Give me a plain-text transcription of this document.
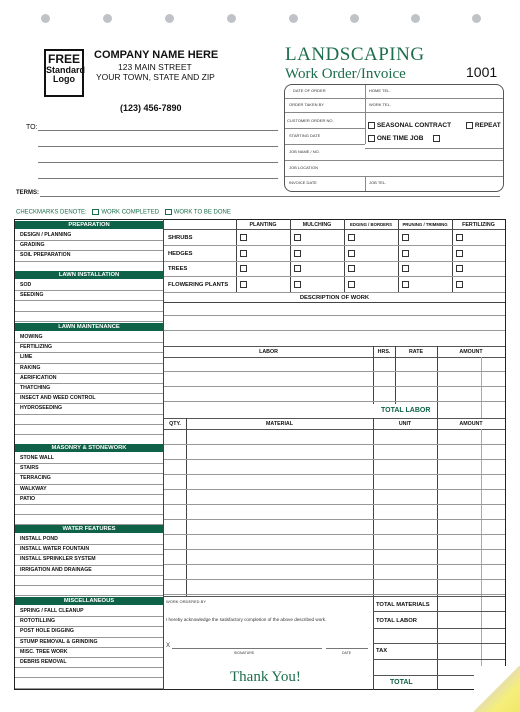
FREE
Standard
Logo
COMPANY NAME HERE
123 MAIN STREET
YOUR TOWN, STATE AND ZIP
(123) 456-7890
TO:
TERMS:
LANDSCAPING
Work Order/Invoice	1001
DATE OF ORDER	HOME TEL.
ORDER TAKEN BY	WORK TEL.
CUSTOMER ORDER NO.
STARTING DATE
JOB NAME / NO.
JOB LOCATION
INVOICE DATE	JOB TEL.
SEASONAL CONTRACT	REPEAT
ONE TIME JOB
CHECKMARKS DENOTE: WORK COMPLETED WORK TO BE DONE
PREPARATION
DESIGN / PLANNING
GRADING
SOIL PREPARATION
LAWN INSTALLATION
SOD
SEEDING
LAWN MAINTENANCE
MOWING
FERTILIZING
LIME
RAKING
AERIFICATION
THATCHING
INSECT AND WEED CONTROL
HYDROSEEDING
MASONRY & STONEWORK
STONE WALL
STAIRS
TERRACING
WALKWAY
PATIO
WATER FEATURES
INSTALL POND
INSTALL WATER FOUNTAIN
INSTALL SPRINKLER SYSTEM
IRRIGATION AND DRAINAGE
MISCELLANEOUS
SPRING / FALL CLEANUP
ROTOTILLING
POST HOLE DIGGING
STUMP REMOVAL & GRINDING
MISC. TREE WORK
DEBRIS REMOVAL
PLANTING	MULCHING	EDGING / BORDERS	PRUNING / TRIMMING	FERTILIZING
SHRUBS
HEDGES
TREES
FLOWERING PLANTS
DESCRIPTION OF WORK
LABOR	HRS.	RATE	AMOUNT
TOTAL LABOR
QTY.	MATERIAL	UNIT	AMOUNT
WORK ORDERED BY
I hereby acknowledge the satisfactory completion of the above described work.
X
SIGNATURE	DATE
Thank You!
TOTAL MATERIALS
TOTAL LABOR
TAX
TOTAL
